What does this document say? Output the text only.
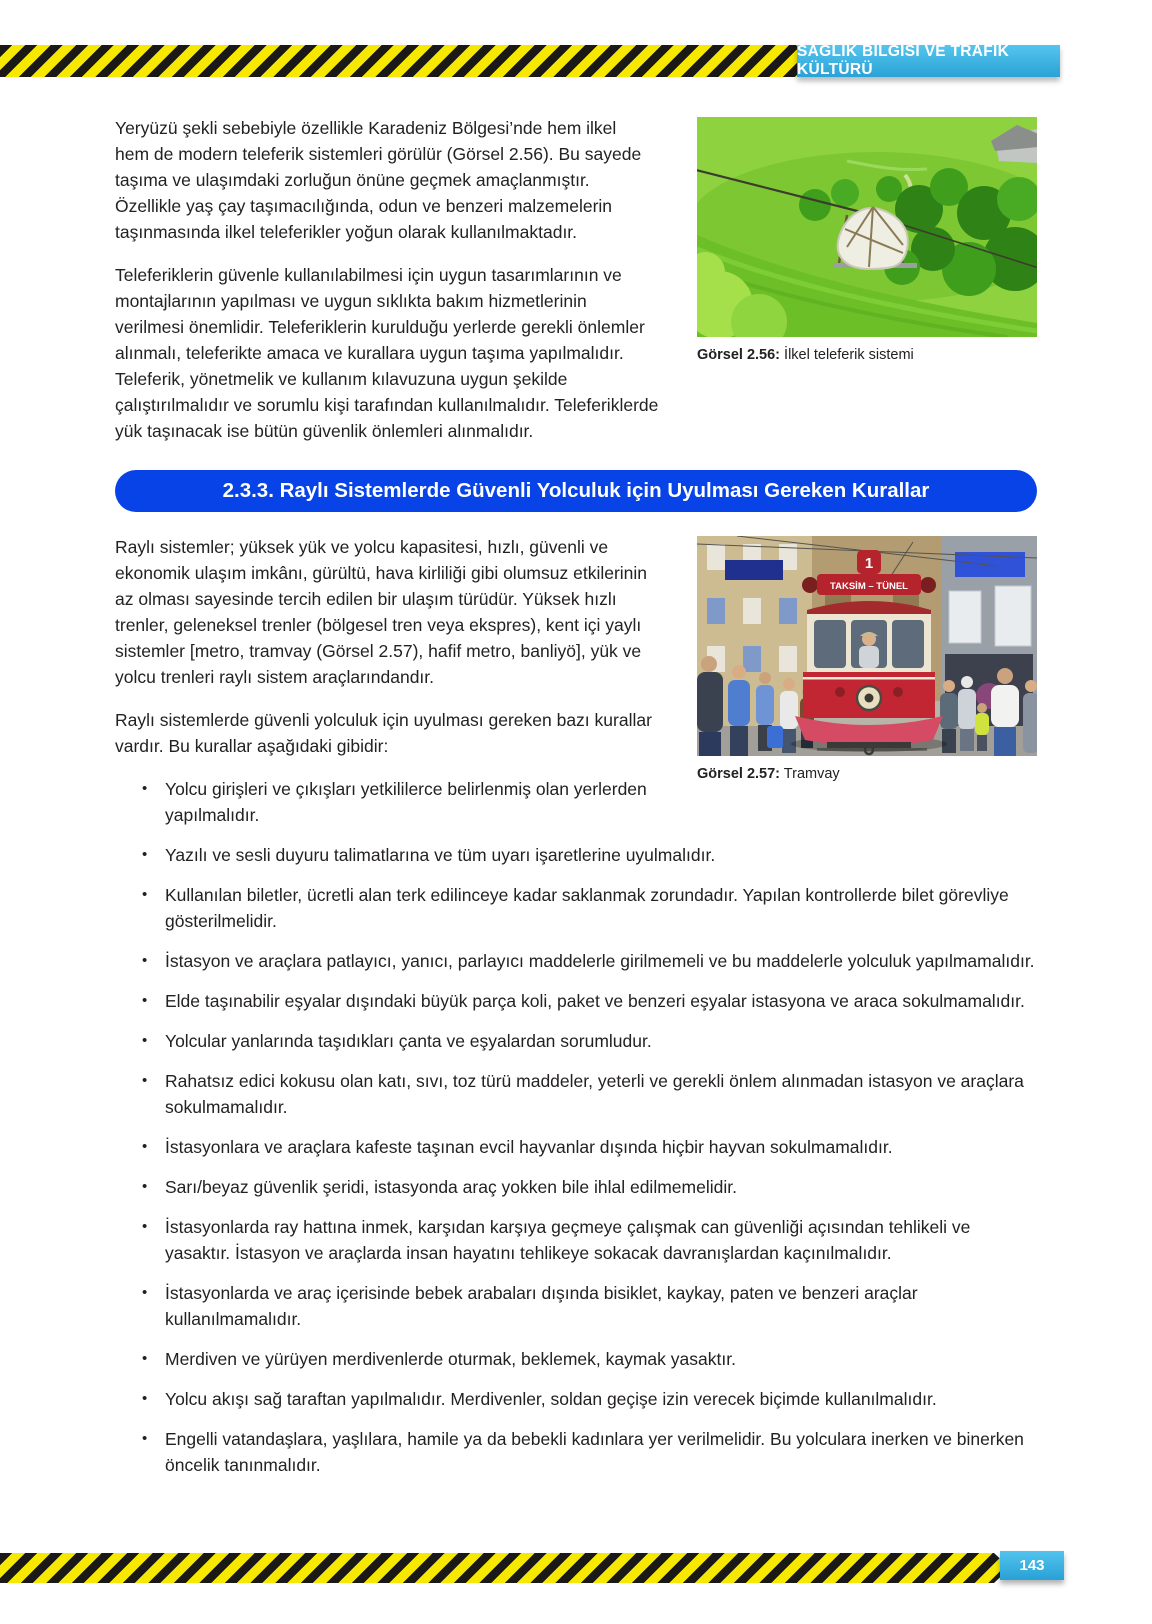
SAĞLIK BİLGİSİ VE TRAFİK KÜLTÜRÜ
Görsel 2.56: İlkel teleferik sistemi

Yeryüzü şekli sebebiyle özellikle Karadeniz Bölgesi’nde hem ilkel hem de modern teleferik sistemleri görülür (Görsel 2.56). Bu sayede taşıma ve ulaşımdaki zorluğun önüne geçmek amaçlanmıştır. Özellikle yaş çay taşımacılığında, odun ve benzeri malzemelerin taşınmasında ilkel teleferikler yoğun olarak kullanılmaktadır.

Teleferiklerin güvenle kullanılabilmesi için uygun tasarımlarının ve montajlarının yapılması ve uygun sıklıkta bakım hizmetlerinin verilmesi önemlidir. Teleferiklerin kurulduğu yerlerde gerekli önlemler alınmalı, teleferikte amaca ve kurallara uygun taşıma yapılmalıdır. Teleferik, yönetmelik ve kullanım kılavuzuna uygun şekilde çalıştırılmalıdır ve sorumlu kişi tarafından kullanılmalıdır. Teleferiklerde yük taşınacak ise bütün güvenlik önlemleri alınmalıdır.

2.3.3. Raylı Sistemlerde Güvenli Yolculuk için Uyulması Gereken Kurallar
1
TAKSİM – TÜNEL
Görsel 2.57: Tramvay

Raylı sistemler; yüksek yük ve yolcu kapasitesi, hızlı, güvenli ve ekonomik ulaşım imkânı, gürültü, hava kirliliği gibi olumsuz etkilerinin az olması sayesinde tercih edilen bir ulaşım türüdür. Yüksek hızlı trenler, geleneksel trenler (bölgesel tren veya ekspres), kent içi yaylı sistemler [metro, tramvay (Görsel 2.57), hafif metro, banliyö], yük ve yolcu trenleri raylı sistem araçlarındandır.

Raylı sistemlerde güvenli yolculuk için uyulması gereken bazı kurallar vardır. Bu kurallar aşağıdaki gibidir:

• Yolcu girişleri ve çıkışları yetkililerce belirlenmiş olan yerlerden yapılmalıdır.
• Yazılı ve sesli duyuru talimatlarına ve tüm uyarı işaretlerine uyulmalıdır.
• Kullanılan biletler, ücretli alan terk edilinceye kadar saklanmak zorundadır. Yapılan kontrollerde bilet görevliye gösterilmelidir.
• İstasyon ve araçlara patlayıcı, yanıcı, parlayıcı maddelerle girilmemeli ve bu maddelerle yolculuk yapılmamalıdır.
• Elde taşınabilir eşyalar dışındaki büyük parça koli, paket ve benzeri eşyalar istasyona ve araca sokulmamalıdır.
• Yolcular yanlarında taşıdıkları çanta ve eşyalardan sorumludur.
• Rahatsız edici kokusu olan katı, sıvı, toz türü maddeler, yeterli ve gerekli önlem alınmadan istasyon ve araçlara sokulmamalıdır.
• İstasyonlara ve araçlara kafeste taşınan evcil hayvanlar dışında hiçbir hayvan sokulmamalıdır.
• Sarı/beyaz güvenlik şeridi, istasyonda araç yokken bile ihlal edilmemelidir.
• İstasyonlarda ray hattına inmek, karşıdan karşıya geçmeye çalışmak can güvenliği açısından tehlikeli ve yasaktır. İstasyon ve araçlarda insan hayatını tehlikeye sokacak davranışlardan kaçınılmalıdır.
• İstasyonlarda ve araç içerisinde bebek arabaları dışında bisiklet, kaykay, paten ve benzeri araçlar kullanılmamalıdır.
• Merdiven ve yürüyen merdivenlerde oturmak, beklemek, kaymak yasaktır.
• Yolcu akışı sağ taraftan yapılmalıdır. Merdivenler, soldan geçişe izin verecek biçimde kullanılmalıdır.
• Engelli vatandaşlara, yaşlılara, hamile ya da bebekli kadınlara yer verilmelidir. Bu yolculara inerken ve binerken öncelik tanınmalıdır.
143
